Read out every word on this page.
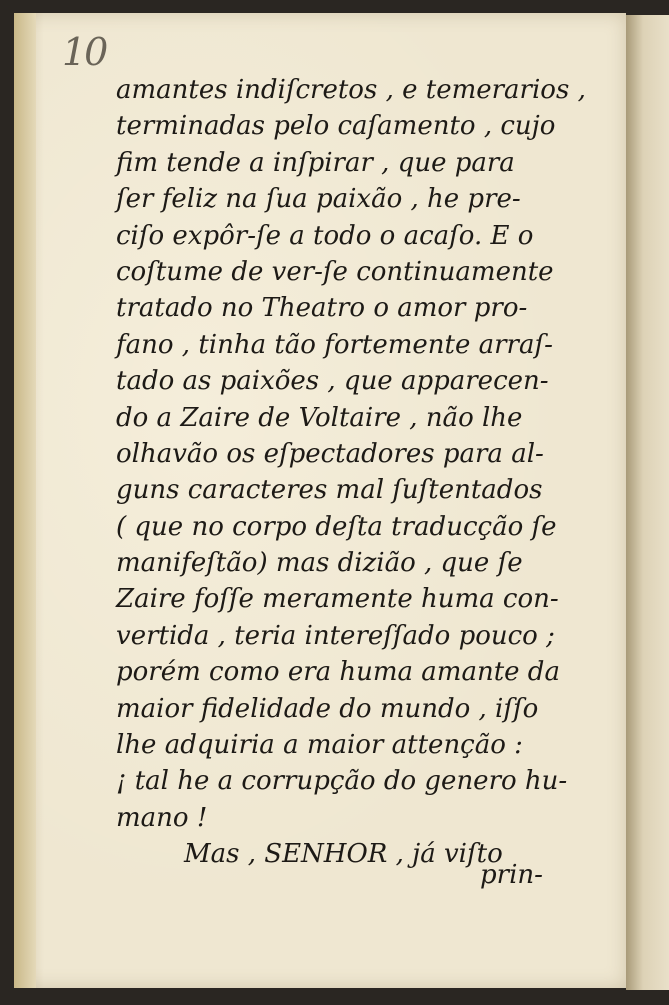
10
amantes indiſcretos , e temerarios ,
terminadas pelo caſamento , cujo
fim tende a inſpirar , que para
ſer feliz na ſua paixão , he pre-
ciſo expôr-ſe a todo o acaſo. E o
coſtume de ver-ſe continuamente
tratado no Theatro o amor pro-
fano , tinha tão fortemente arraſ-
tado as paixões , que apparecen-
do a Zaire de Voltaire , não lhe
olhavão os eſpectadores para al-
guns caracteres mal ſuſtentados
( que no corpo deſta traducção ſe
manifeſtão) mas dizião , que ſe
Zaire foſſe meramente huma con-
vertida , teria intereſſado pouco ;
porém como era huma amante da
maior fidelidade do mundo , iſſo
lhe adquiria a maior attenção :
¡ tal he a corrupção do genero hu-
mano !
Mas , SENHOR , já viſto
prin-
